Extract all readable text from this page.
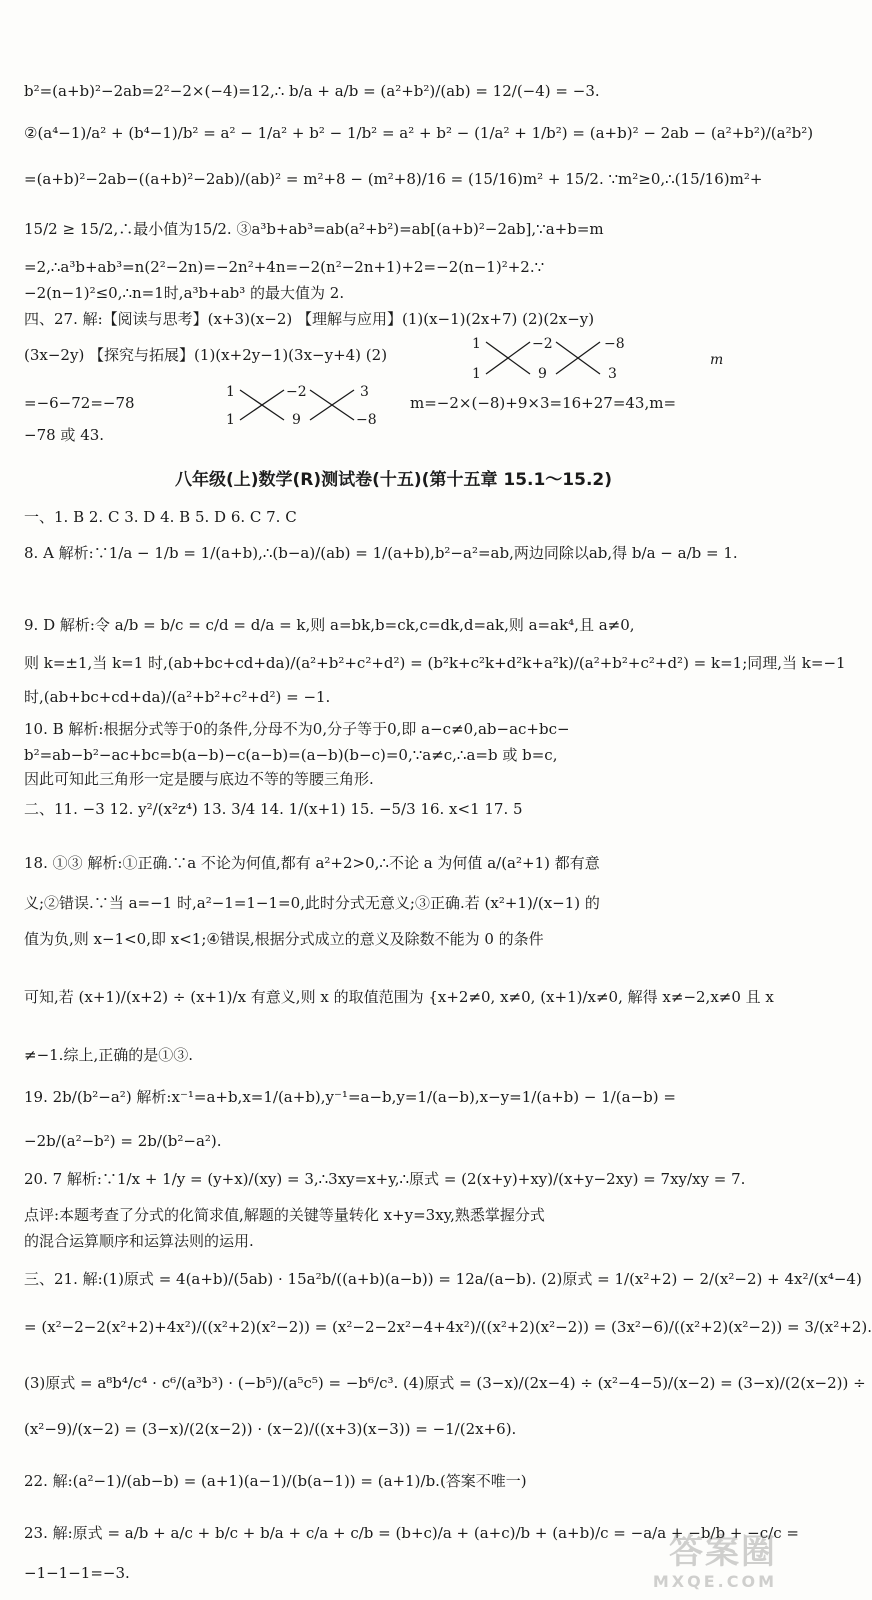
b²=(a+b)²−2ab=2²−2×(−4)=12,∴ b/a + a/b = (a²+b²)/(ab) = 12/(−4) = −3.
②(a⁴−1)/a² + (b⁴−1)/b² = a² − 1/a² + b² − 1/b² = a² + b² − (1/a² + 1/b²) = (a+b)² − 2ab − (a²+b²)/(a²b²)
=(a+b)²−2ab−((a+b)²−2ab)/(ab)² = m²+8 − (m²+8)/16 = (15/16)m² + 15/2. ∵m²≥0,∴(15/16)m²+
15/2 ≥ 15/2,∴最小值为15/2. ③a³b+ab³=ab(a²+b²)=ab[(a+b)²−2ab],∵a+b=m
=2,∴a³b+ab³=n(2²−2n)=−2n²+4n=−2(n²−2n+1)+2=−2(n−1)²+2.∵
−2(n−1)²≤0,∴n=1时,a³b+ab³ 的最大值为 2.
四、27. 解:【阅读与思考】(x+3)(x−2) 【理解与应用】(1)(x−1)(2x+7) (2)(2x−y)
(3x−2y) 【探究与拓展】(1)(x+2y−1)(3x−y+4) (2)
1
1
−2
9
−8
3
m
=−6−72=−78
1
1
−2
9
3
−8
m=−2×(−8)+9×3=16+27=43,m=
−78 或 43.
八年级(上)数学(R)测试卷(十五)(第十五章 15.1～15.2)
一、1. B 2. C 3. D 4. B 5. D 6. C 7. C
8. A 解析:∵1/a − 1/b = 1/(a+b),∴(b−a)/(ab) = 1/(a+b),b²−a²=ab,两边同除以ab,得 b/a − a/b = 1.
9. D 解析:令 a/b = b/c = c/d = d/a = k,则 a=bk,b=ck,c=dk,d=ak,则 a=ak⁴,且 a≠0,
则 k=±1,当 k=1 时,(ab+bc+cd+da)/(a²+b²+c²+d²) = (b²k+c²k+d²k+a²k)/(a²+b²+c²+d²) = k=1;同理,当 k=−1
时,(ab+bc+cd+da)/(a²+b²+c²+d²) = −1.
10. B 解析:根据分式等于0的条件,分母不为0,分子等于0,即 a−c≠0,ab−ac+bc−
b²=ab−b²−ac+bc=b(a−b)−c(a−b)=(a−b)(b−c)=0,∵a≠c,∴a=b 或 b=c,
因此可知此三角形一定是腰与底边不等的等腰三角形.
二、11. −3 12. y²/(x²z⁴) 13. 3/4 14. 1/(x+1) 15. −5/3 16. x<1 17. 5
18. ①③ 解析:①正确.∵a 不论为何值,都有 a²+2>0,∴不论 a 为何值 a/(a²+1) 都有意
义;②错误.∵当 a=−1 时,a²−1=1−1=0,此时分式无意义;③正确.若 (x²+1)/(x−1) 的
值为负,则 x−1<0,即 x<1;④错误,根据分式成立的意义及除数不能为 0 的条件
可知,若 (x+1)/(x+2) ÷ (x+1)/x 有意义,则 x 的取值范围为 {x+2≠0, x≠0, (x+1)/x≠0, 解得 x≠−2,x≠0 且 x
≠−1.综上,正确的是①③.
19. 2b/(b²−a²) 解析:x⁻¹=a+b,x=1/(a+b),y⁻¹=a−b,y=1/(a−b),x−y=1/(a+b) − 1/(a−b) =
−2b/(a²−b²) = 2b/(b²−a²).
20. 7 解析:∵1/x + 1/y = (y+x)/(xy) = 3,∴3xy=x+y,∴原式 = (2(x+y)+xy)/(x+y−2xy) = 7xy/xy = 7.
点评:本题考查了分式的化简求值,解题的关键等量转化 x+y=3xy,熟悉掌握分式
的混合运算顺序和运算法则的运用.
三、21. 解:(1)原式 = 4(a+b)/(5ab) · 15a²b/((a+b)(a−b)) = 12a/(a−b). (2)原式 = 1/(x²+2) − 2/(x²−2) + 4x²/(x⁴−4)
= (x²−2−2(x²+2)+4x²)/((x²+2)(x²−2)) = (x²−2−2x²−4+4x²)/((x²+2)(x²−2)) = (3x²−6)/((x²+2)(x²−2)) = 3/(x²+2).
(3)原式 = a⁸b⁴/c⁴ · c⁶/(a³b³) · (−b⁵)/(a⁵c⁵) = −b⁶/c³. (4)原式 = (3−x)/(2x−4) ÷ (x²−4−5)/(x−2) = (3−x)/(2(x−2)) ÷
(x²−9)/(x−2) = (3−x)/(2(x−2)) · (x−2)/((x+3)(x−3)) = −1/(2x+6).
22. 解:(a²−1)/(ab−b) = (a+1)(a−1)/(b(a−1)) = (a+1)/b.(答案不唯一)
23. 解:原式 = a/b + a/c + b/c + b/a + c/a + c/b = (b+c)/a + (a+c)/b + (a+b)/c = −a/a + −b/b + −c/c =
−1−1−1=−3.
答案圈
MXQE.COM
